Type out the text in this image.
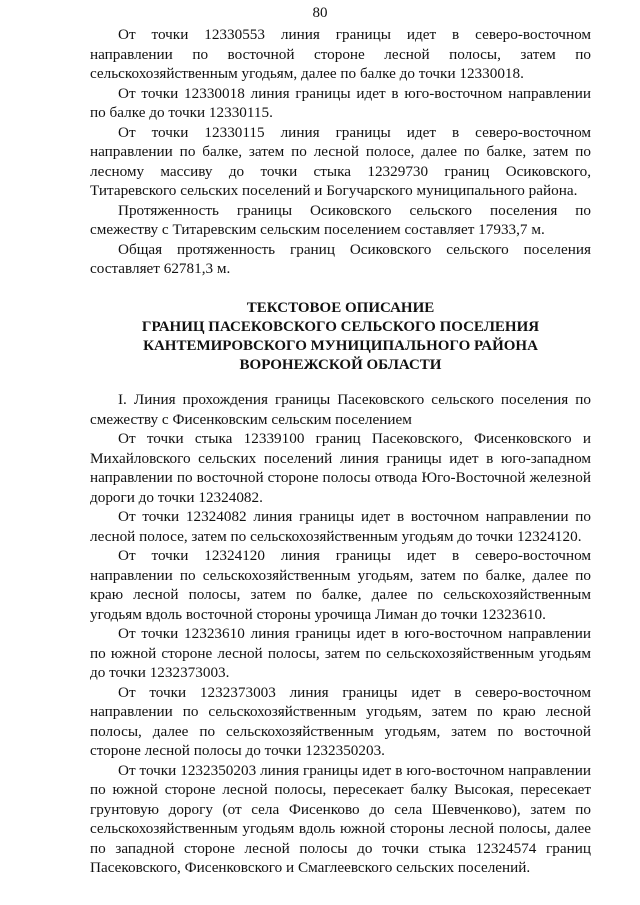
80

От точки 12330553 линия границы идет в северо-восточном направлении по восточной стороне лесной полосы, затем по сельскохозяйственным угодьям, далее по балке до точки 12330018.

От точки 12330018 линия границы идет в юго-восточном направлении по балке до точки 12330115.

От точки 12330115 линия границы идет в северо-восточном направлении по балке, затем по лесной полосе, далее по балке, затем по лесному массиву до точки стыка 12329730 границ Осиковского, Титаревского сельских поселений и Богучарского муниципального района.

Протяженность границы Осиковского сельского поселения по смежеству с Титаревским сельским поселением составляет 17933,7 м.

Общая протяженность границ Осиковского сельского поселения составляет 62781,3 м.

ТЕКСТОВОЕ ОПИСАНИЕ
ГРАНИЦ ПАСЕКОВСКОГО СЕЛЬСКОГО ПОСЕЛЕНИЯ
КАНТЕМИРОВСКОГО МУНИЦИПАЛЬНОГО РАЙОНА
ВОРОНЕЖСКОЙ ОБЛАСТИ

I. Линия прохождения границы Пасековского сельского поселения по смежеству с Фисенковским сельским поселением

От точки стыка 12339100 границ Пасековского, Фисенковского и Михайловского сельских поселений линия границы идет в юго-западном направлении по восточной стороне полосы отвода Юго-Восточной железной дороги до точки 12324082.

От точки 12324082 линия границы идет в восточном направлении по лесной полосе, затем по сельскохозяйственным угодьям до точки 12324120.

От точки 12324120 линия границы идет в северо-восточном направлении по сельскохозяйственным угодьям, затем по балке, далее по краю лесной полосы, затем по балке, далее по сельскохозяйственным угодьям вдоль восточной стороны урочища Лиман до точки 12323610.

От точки 12323610 линия границы идет в юго-восточном направлении по южной стороне лесной полосы, затем по сельскохозяйственным угодьям до точки 1232373003.

От точки 1232373003 линия границы идет в северо-восточном направлении по сельскохозяйственным угодьям, затем по краю лесной полосы, далее по сельскохозяйственным угодьям, затем по восточной стороне лесной полосы до точки 1232350203.

От точки 1232350203 линия границы идет в юго-восточном направлении по южной стороне лесной полосы, пересекает балку Высокая, пересекает грунтовую дорогу (от села Фисенково до села Шевченково), затем по сельскохозяйственным угодьям вдоль южной стороны лесной полосы, далее по западной стороне лесной полосы до точки стыка 12324574 границ Пасековского, Фисенковского и Смаглеевского сельских поселений.
